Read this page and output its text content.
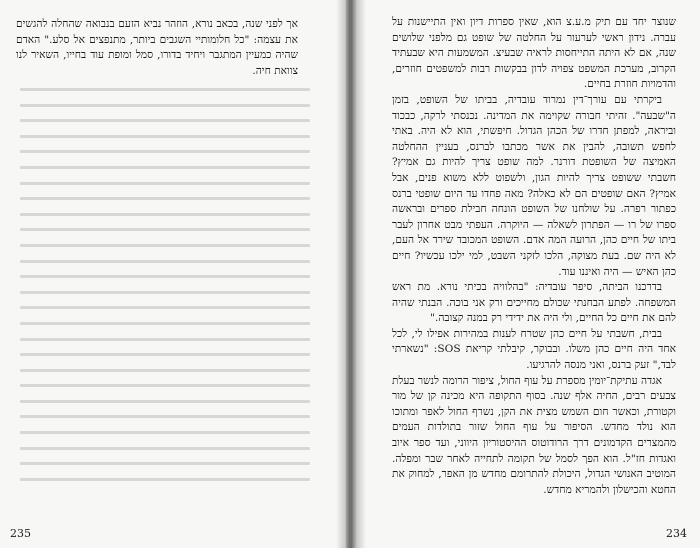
אך לפני שנה, בכאב נורא, הוזהר נביא הזעם בנבואה שהחלה להגשים את עצמה: "כל חלומותיי השגבים ביותר, מתנפצים אל סלע." האדם שהיה כמעיין המתגבר ויחיד בדורו, סמל ומופת עוד בחייו, השאיר לנו צוואת חיה.

235

שנוצר יחד עם תיק מ.ע.צ הוא, שאין ספרות דיון ואין התיישנות על עברה. נידון ראשי לערעור על החלטה של שופט גם מלפני שלושים שנה, אם לא היתה התייחסות לראיה שבעיצ. המשמעות היא שבעתיד הקרוב, מערכת המשפט צפויה לדון בבקשות רבות למשפטים חוזרים, והדמויות חוזרת בחיים.

ביקרתי עם עורך־דין נמרוד עובדיה, בביתו של השופט, בזמן ה"שבעה". זהיתי חבורה שקוימה את המדינה. נכנסתי לרקה, כבכוד וביראה, למפתן חדרו של הכהן הגדול. חיפשתי, הוא לא היה. באתי לחפש תשובה, להבין את אשר מכתבו לברנס, בעניין ההחלטה האמיצה של השופטת דורנר. למה שופט צריך להיות גם אמיץ? חשבתי ששופט צריך להיות הגון, ולשפוט ללא משוא פנים, אבל אמיץ? האם שופטים הם לא כאלה? מאה פחדו עד היום שופטי ברנס כפתור רפרה. על שולחנו של השופט הונחה חבילת ספרים ובראשה ספרו של רו — הפתרון לשאלה — היוקרה. העפתי מבט אחרון לעבר ביתו של חיים כהן, הרועה המה אדם. השופט המכובד שירד אל העם, לא היה שם. בעת מצוקה, הלכו לזקני השבט, למי ילכו עכשיו? חיים כהן האיש — היה ואיננו עוד.

בדרכנו הביתה, סיפר עובדיה: "בהלוויה בכיתי נורא. מת ראש המשפחה. לפתע הבחנתי שכולם מחייכים ורק אני בוכה. הבנתי שהיה להם את חיים כל החיים, ולי היה את ידידי רק במנה קצובה."

בבית, חשבתי על חיים כהן שטרח לענות במהירות אפילו לי, לכל אחד היה חיים כהן משלו. ובבוקר, קיבלתי קריאת SOS: "נשארתי לבד," זעק ברנס, ואני מנסה להרגיעו.

אגדה עתיקת־יומין מספרת על עוף החול, ציפור הרומה לנשר בעלת צבעים רבים, החיה אלף שנה. בסוף התקופה היא מכינה קן של מור וקטורת, וכאשר חום השמש מצית את הקן, נשרף החול לאפר ומתוכו הוא נולד מחדש. הסיפור על עוף החול שזור בתולדות העמים מהמצרים הקדמונים דרך הרודוטוס ההיסטוריון היווני, ועד ספר איוב ואגדות חז"ל. הוא הפך לסמל של תקומה לתחייה לאחר שבר ומפלה. המוטיב האנושי הגדול, היכולת להתרומם מחדש מן האפר, למחוק את החטא והכישלון ולהמריא מחדש.

234
